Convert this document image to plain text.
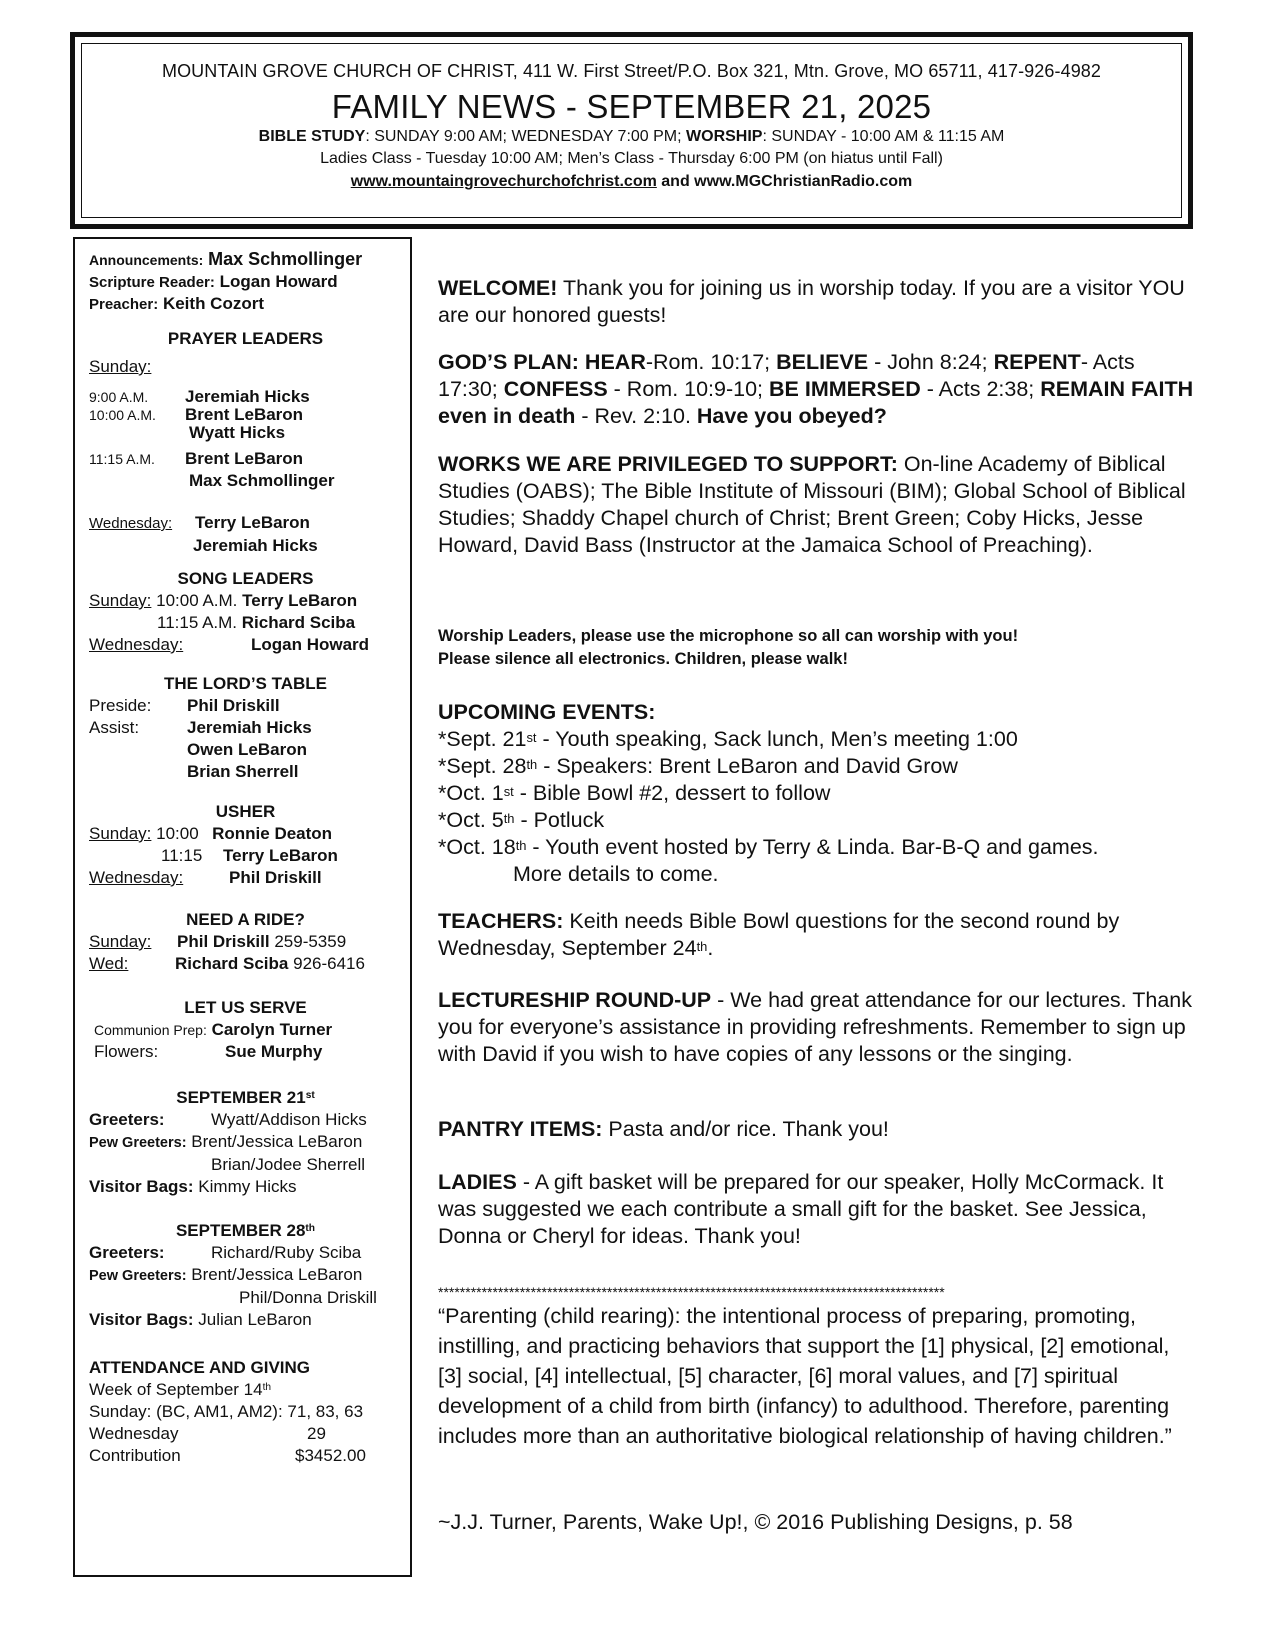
MOUNTAIN GROVE CHURCH OF CHRIST, 411 W. First Street/P.O. Box 321, Mtn. Grove, MO 65711, 417-926-4982
FAMILY NEWS - SEPTEMBER 21, 2025
BIBLE STUDY: SUNDAY 9:00 AM; WEDNESDAY 7:00 PM; WORSHIP: SUNDAY - 10:00 AM & 11:15 AM
Ladies Class - Tuesday 10:00 AM; Men’s Class - Thursday 6:00 PM (on hiatus until Fall)
www.mountaingrovechurchofchrist.com and www.MGChristianRadio.com
Announcements: Max Schmollinger
Scripture Reader: Logan Howard
Preacher: Keith Cozort
PRAYER LEADERS
Sunday:
9:00 A.M. Jeremiah Hicks
10:00 A.M. Brent LeBaron
Wyatt Hicks
11:15 A.M. Brent LeBaron
Max Schmollinger
Wednesday: Terry LeBaron
Jeremiah Hicks
SONG LEADERS
Sunday: 10:00 A.M. Terry LeBaron
11:15 A.M. Richard Sciba
Wednesday:	Logan Howard
THE LORD’S TABLE
Preside: Phil Driskill
Assist:	Jeremiah Hicks
Owen LeBaron
Brian Sherrell
USHER
Sunday: 10:00 Ronnie Deaton
11:15 Terry LeBaron
Wednesday:	Phil Driskill
NEED A RIDE?
Sunday: Phil Driskill 259-5359
Wed:	Richard Sciba 926-6416
LET US SERVE
Communion Prep: Carolyn Turner
Flowers:	Sue Murphy
SEPTEMBER 21st
Greeters:	Wyatt/Addison Hicks
Pew Greeters: Brent/Jessica LeBaron
Brian/Jodee Sherrell
Visitor Bags: Kimmy Hicks
SEPTEMBER 28th
Greeters:	Richard/Ruby Sciba
Pew Greeters: Brent/Jessica LeBaron
Phil/Donna Driskill
Visitor Bags: Julian LeBaron
ATTENDANCE AND GIVING
Week of September 14th
Sunday: (BC, AM1, AM2): 71, 83, 63
Wednesday	29
Contribution	$3452.00

WELCOME! Thank you for joining us in worship today. If you are a visitor YOU are our honored guests!

GOD’S PLAN: HEAR-Rom. 10:17; BELIEVE - John 8:24; REPENT- Acts 17:30; CONFESS - Rom. 10:9-10; BE IMMERSED - Acts 2:38; REMAIN FAITH even in death - Rev. 2:10. Have you obeyed?

WORKS WE ARE PRIVILEGED TO SUPPORT: On-line Academy of Biblical Studies (OABS); The Bible Institute of Missouri (BIM); Global School of Biblical Studies; Shaddy Chapel church of Christ; Brent Green; Coby Hicks, Jesse Howard, David Bass (Instructor at the Jamaica School of Preaching).

Worship Leaders, please use the microphone so all can worship with you!
Please silence all electronics. Children, please walk!
UPCOMING EVENTS:
*Sept. 21st - Youth speaking, Sack lunch, Men’s meeting 1:00
*Sept. 28th - Speakers: Brent LeBaron and David Grow
*Oct. 1st - Bible Bowl #2, dessert to follow
*Oct. 5th - Potluck
*Oct. 18th - Youth event hosted by Terry & Linda. Bar-B-Q and games.
More details to come.

TEACHERS: Keith needs Bible Bowl questions for the second round by Wednesday, September 24th.

LECTURESHIP ROUND-UP - We had great attendance for our lectures. Thank you for everyone’s assistance in providing refreshments. Remember to sign up with David if you wish to have copies of any lessons or the singing.

PANTRY ITEMS: Pasta and/or rice. Thank you!

LADIES - A gift basket will be prepared for our speaker, Holly McCormack. It was suggested we each contribute a small gift for the basket. See Jessica, Donna or Cheryl for ideas. Thank you!

*********************************************************************************************

“Parenting (child rearing): the intentional process of preparing, promoting, instilling, and practicing behaviors that support the [1] physical, [2] emotional, [3] social, [4] intellectual, [5] character, [6] moral values, and [7] spiritual development of a child from birth (infancy) to adulthood. Therefore, parenting includes more than an authoritative biological relationship of having children.”

~J.J. Turner, Parents, Wake Up!, © 2016 Publishing Designs, p. 58
